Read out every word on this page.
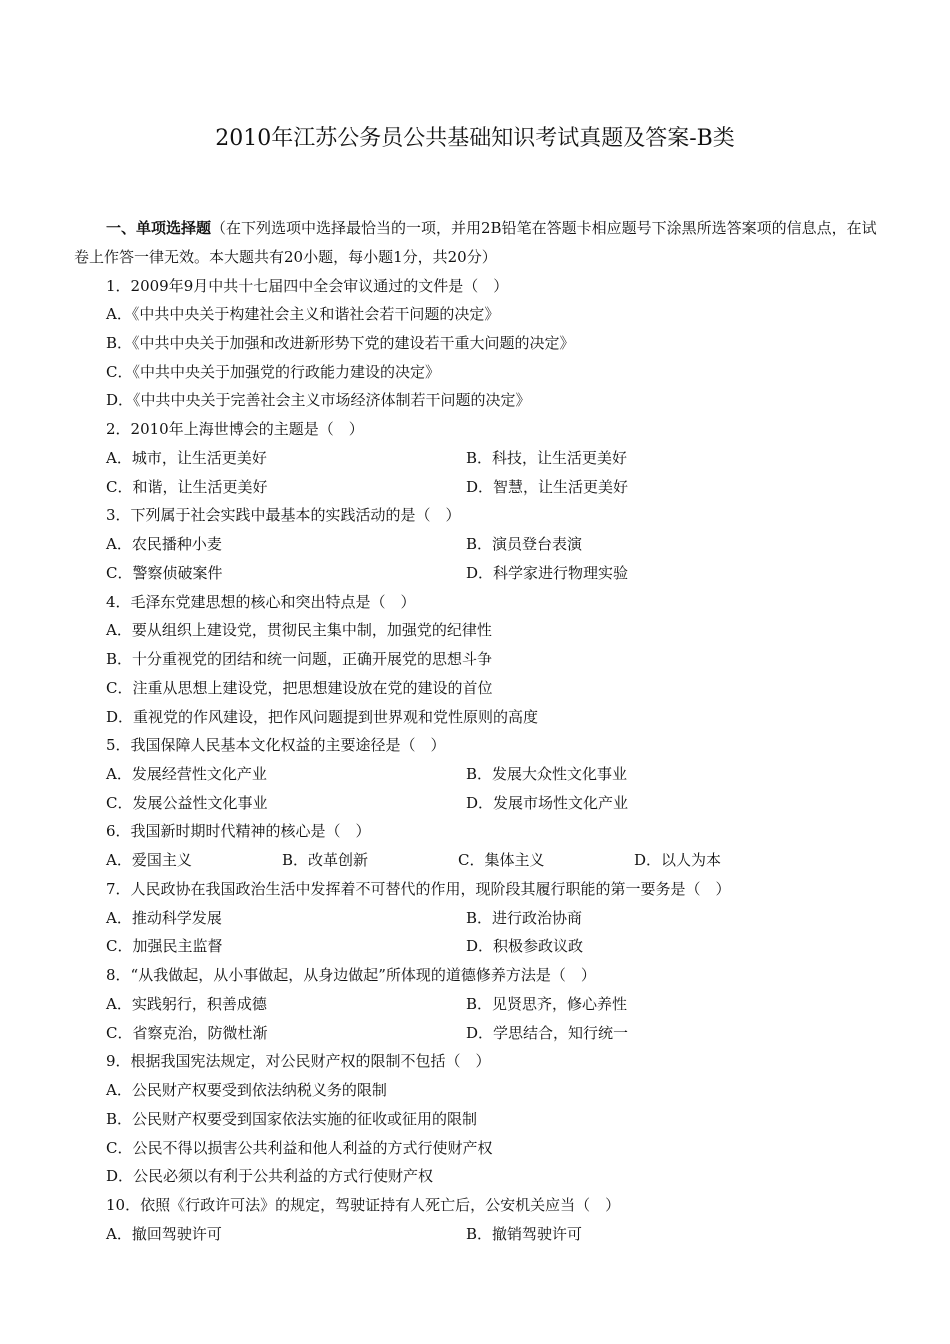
2010年江苏公务员公共基础知识考试真题及答案-B类
一、单项选择题（在下列选项中选择最恰当的一项，并用2B铅笔在答题卡相应题号下涂黑所选答案项的信息点，在试卷上作答一律无效。本大题共有20小题，每小题1分，共20分）
1．2009年9月中共十七届四中全会审议通过的文件是（　）
A．《中共中央关于构建社会主义和谐社会若干问题的决定》
B．《中共中央关于加强和改进新形势下党的建设若干重大问题的决定》
C．《中共中央关于加强党的行政能力建设的决定》
D．《中共中央关于完善社会主义市场经济体制若干问题的决定》
2．2010年上海世博会的主题是（　）
A．城市，让生活更美好	B．科技，让生活更美好
C．和谐，让生活更美好	D．智慧，让生活更美好
3．下列属于社会实践中最基本的实践活动的是（　）
A．农民播种小麦	B．演员登台表演
C．警察侦破案件	D．科学家进行物理实验
4．毛泽东党建思想的核心和突出特点是（　）
A．要从组织上建设党，贯彻民主集中制，加强党的纪律性
B．十分重视党的团结和统一问题，正确开展党的思想斗争
C．注重从思想上建设党，把思想建设放在党的建设的首位
D．重视党的作风建设，把作风问题提到世界观和党性原则的高度
5．我国保障人民基本文化权益的主要途径是（　）
A．发展经营性文化产业	B．发展大众性文化事业
C．发展公益性文化事业	D．发展市场性文化产业
6．我国新时期时代精神的核心是（　）
A．爱国主义	B．改革创新	C．集体主义	D．以人为本
7．人民政协在我国政治生活中发挥着不可替代的作用，现阶段其履行职能的第一要务是（　）
A．推动科学发展	B．进行政治协商
C．加强民主监督	D．积极参政议政
8．“从我做起，从小事做起，从身边做起”所体现的道德修养方法是（　）
A．实践躬行，积善成德	B．见贤思齐，修心养性
C．省察克治，防微杜渐	D．学思结合，知行统一
9．根据我国宪法规定，对公民财产权的限制不包括（　）
A．公民财产权要受到依法纳税义务的限制
B．公民财产权要受到国家依法实施的征收或征用的限制
C．公民不得以损害公共利益和他人利益的方式行使财产权
D．公民必须以有利于公共利益的方式行使财产权
10．依照《行政许可法》的规定，驾驶证持有人死亡后，公安机关应当（　）
A．撤回驾驶许可	B．撤销驾驶许可
